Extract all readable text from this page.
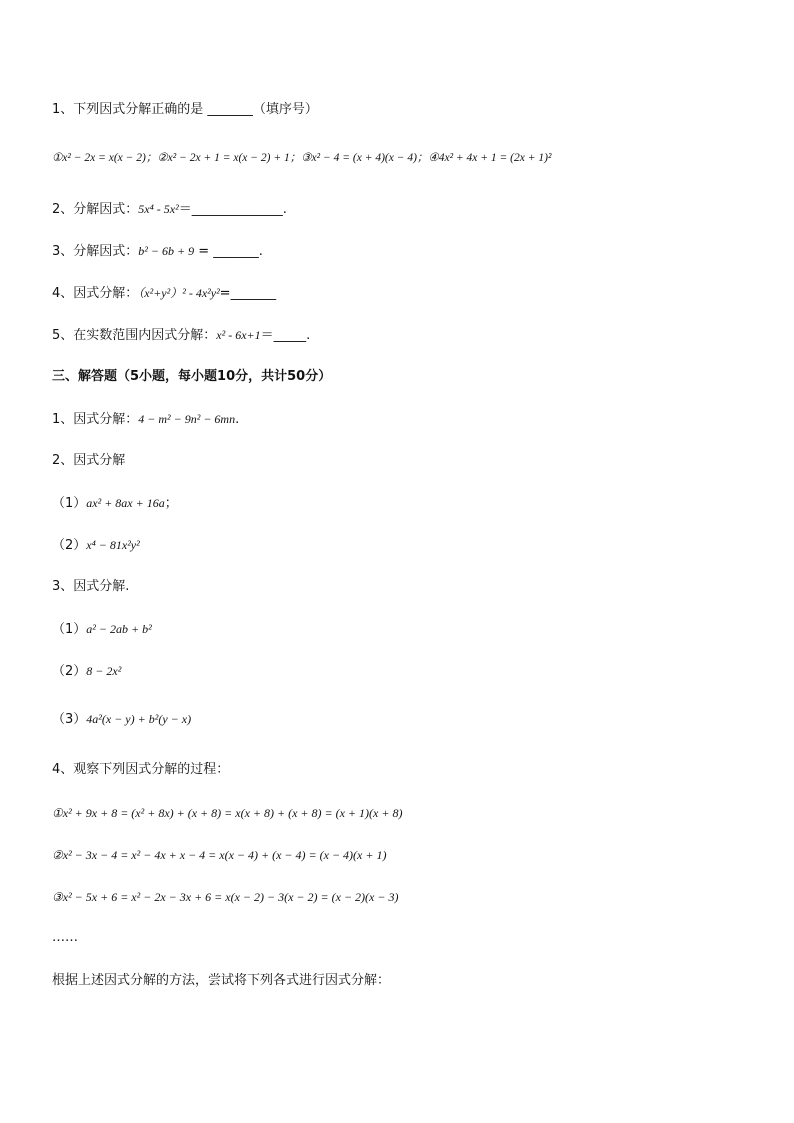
1、下列因式分解正确的是 _______（填序号）
①x² − 2x = x(x − 2)；②x² − 2x + 1 = x(x − 2) + 1；③x² − 4 = (x + 4)(x − 4)；④4x² + 4x + 1 = (2x + 1)²
2、分解因式：5x⁴ - 5x²＝______________.
3、分解因式：b² − 6b + 9 = _______.
4、因式分解：（x²+y²）² - 4x²y²=_______
5、在实数范围内因式分解：x² - 6x+1＝_____.
三、解答题（5小题，每小题10分，共计50分）
1、因式分解：4 − m² − 9n² − 6mn.
2、因式分解
（1）ax² + 8ax + 16a；
（2）x⁴ − 81x²y²
3、因式分解.
（1）a² − 2ab + b²
（2）8 − 2x²
（3）4a²(x − y) + b²(y − x)
4、观察下列因式分解的过程：
①x² + 9x + 8 = (x² + 8x) + (x + 8) = x(x + 8) + (x + 8) = (x + 1)(x + 8)
②x² − 3x − 4 = x² − 4x + x − 4 = x(x − 4) + (x − 4) = (x − 4)(x + 1)
③x² − 5x + 6 = x² − 2x − 3x + 6 = x(x − 2) − 3(x − 2) = (x − 2)(x − 3)
……
根据上述因式分解的方法，尝试将下列各式进行因式分解：
